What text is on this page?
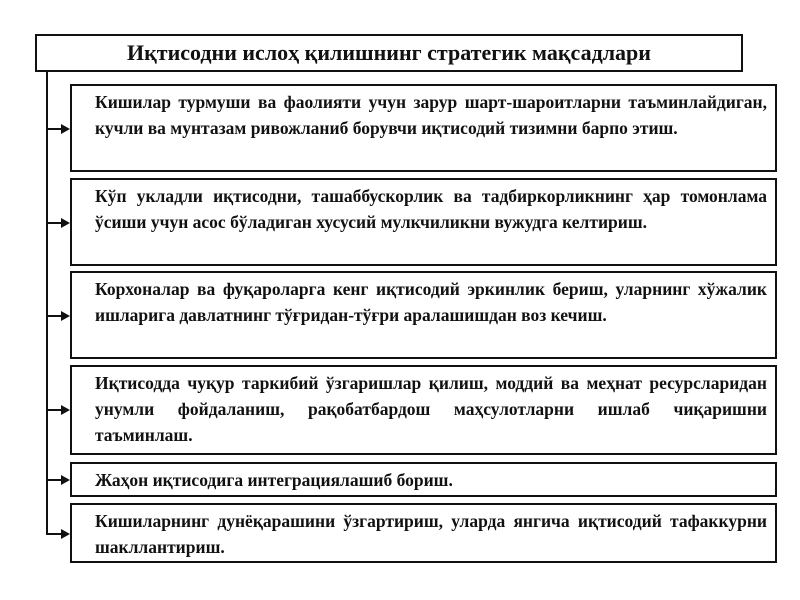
Иқтисодни ислоҳ қилишнинг стратегик мақсадлари
Кишилар турмуши ва фаолияти учун зарур шарт-шароитларни таъминлайдиган, кучли ва мунтазам ривожланиб борувчи иқтисодий тизимни барпо этиш.
Кўп укладли иқтисодни, ташаббускорлик ва тадбиркорликнинг ҳар томонлама ўсиши учун асос бўладиган хусусий мулкчиликни вужудга келтириш.
Корхоналар ва фуқароларга кенг иқтисодий эркинлик бериш, уларнинг хўжалик ишларига давлатнинг тўғридан-тўғри аралашишдан воз кечиш.
Иқтисодда чуқур таркибий ўзгаришлар қилиш, моддий ва меҳнат ресурсларидан унумли фойдаланиш, рақобатбардош маҳсулотларни ишлаб чиқаришни таъминлаш.
Жаҳон иқтисодига интеграциялашиб бориш.
Кишиларнинг дунёқарашини ўзгартириш, уларда янгича иқтисодий тафаккурни шакллантириш.
